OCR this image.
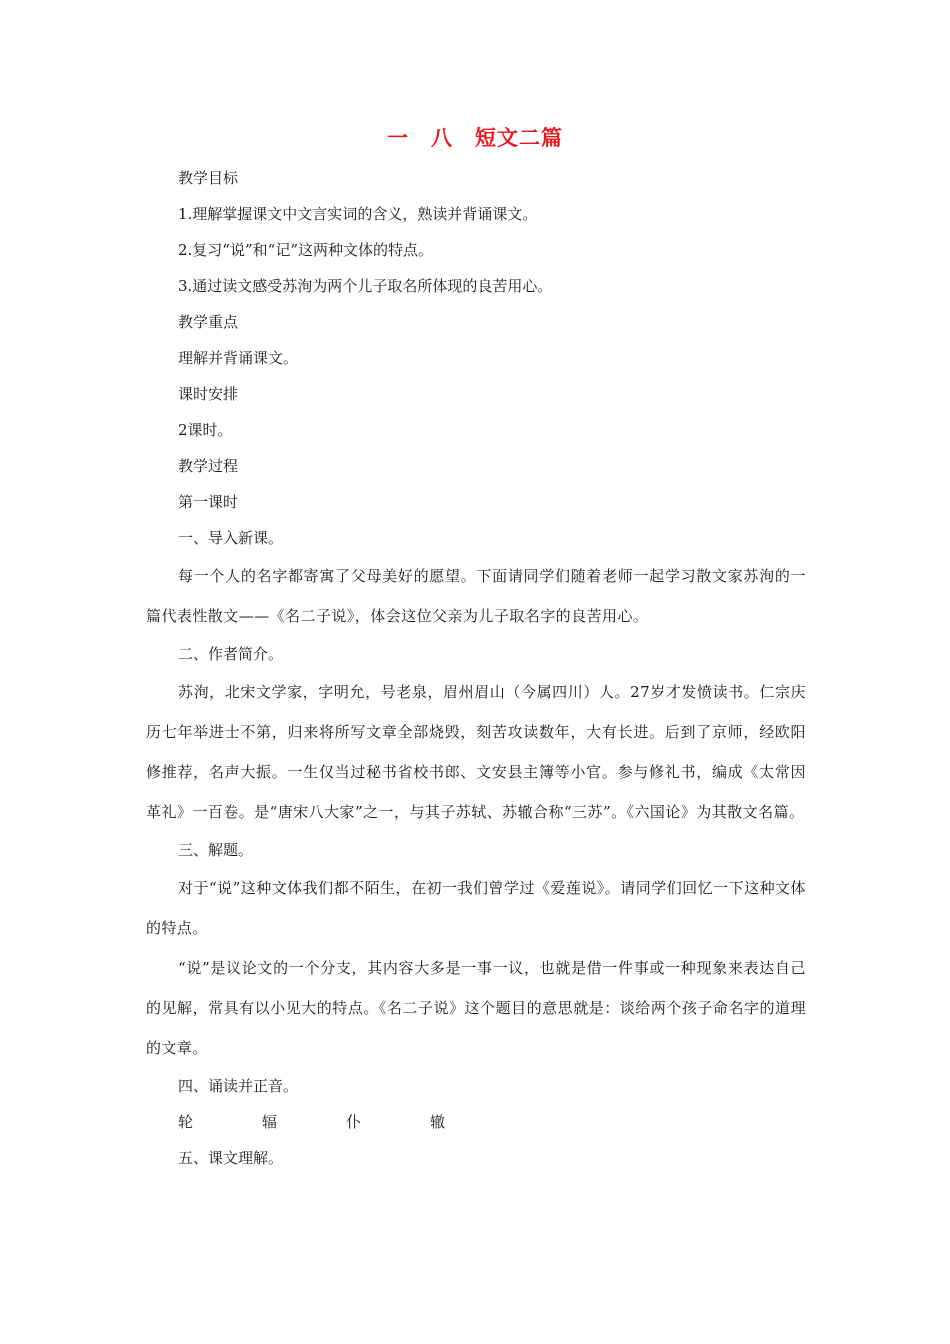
一　八　短文二篇

教学目标

1.理解掌握课文中文言实词的含义，熟读并背诵课文。

2.复习“说”和“记”这两种文体的特点。

3.通过读文感受苏洵为两个儿子取名所体现的良苦用心。

教学重点

理解并背诵课文。

课时安排

2课时。

教学过程

第一课时

一、导入新课。

每一个人的名字都寄寓了父母美好的愿望。下面请同学们随着老师一起学习散文家苏洵的一篇代表性散文——《名二子说》，体会这位父亲为儿子取名字的良苦用心。

二、作者简介。

苏洵，北宋文学家，字明允，号老泉，眉州眉山（今属四川）人。27岁才发愤读书。仁宗庆历七年举进士不第，归来将所写文章全部烧毁，刻苦攻读数年，大有长进。后到了京师，经欧阳修推荐，名声大振。一生仅当过秘书省校书郎、文安县主簿等小官。参与修礼书，编成《太常因革礼》一百卷。是“唐宋八大家”之一，与其子苏轼、苏辙合称“三苏”。《六国论》为其散文名篇。

三、解题。

对于“说”这种文体我们都不陌生，在初一我们曾学过《爱莲说》。请同学们回忆一下这种文体的特点。

“说”是议论文的一个分支，其内容大多是一事一议，也就是借一件事或一种现象来表达自己的见解，常具有以小见大的特点。《名二子说》这个题目的意思就是：谈给两个孩子命名字的道理的文章。

四、诵读并正音。

轮	辐	仆	辙

五、课文理解。
